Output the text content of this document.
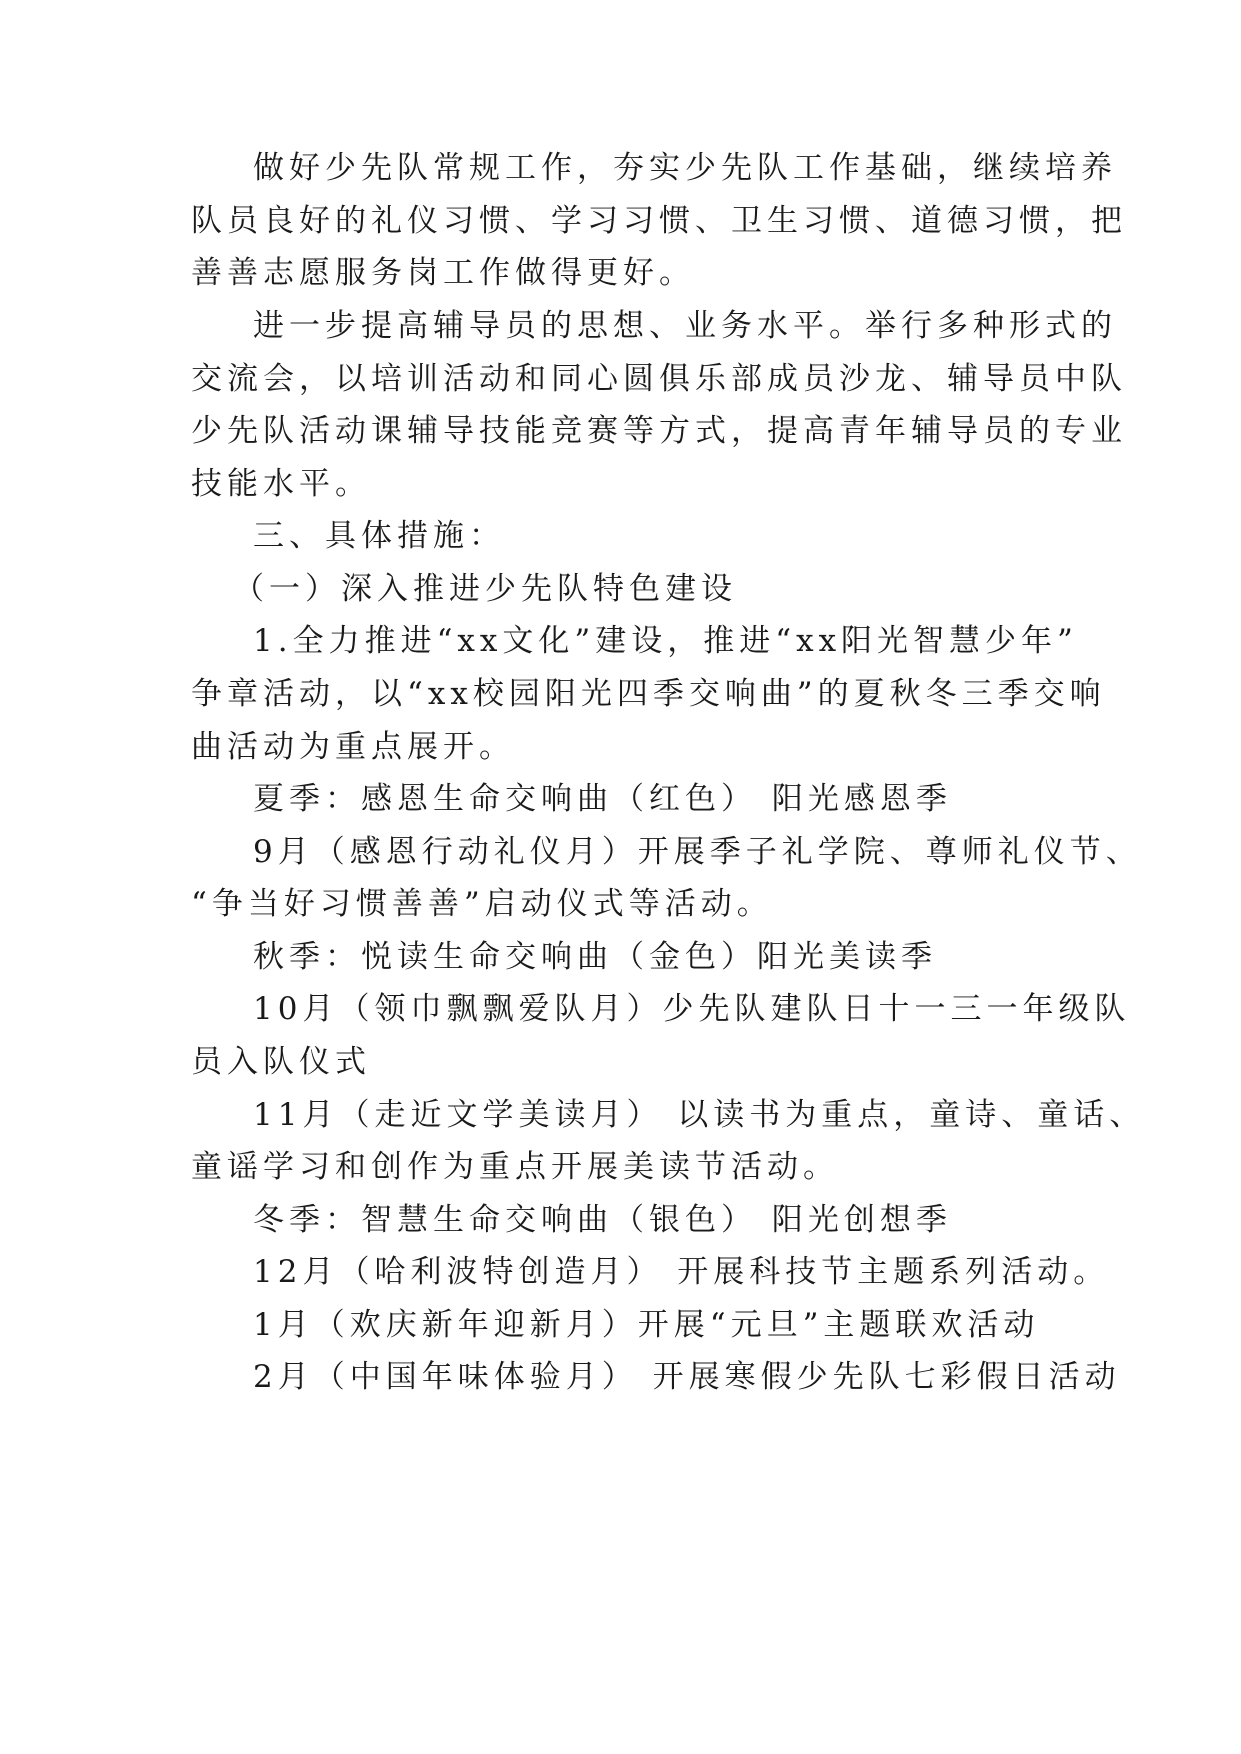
做好少先队常规工作，夯实少先队工作基础，继续培养
队员良好的礼仪习惯、学习习惯、卫生习惯、道德习惯，把
善善志愿服务岗工作做得更好。
进一步提高辅导员的思想、业务水平。举行多种形式的
交流会，以培训活动和同心圆俱乐部成员沙龙、辅导员中队
少先队活动课辅导技能竞赛等方式，提高青年辅导员的专业
技能水平。
三、具体措施：
（一）深入推进少先队特色建设
1.全力推进“xx文化”建设，推进“xx阳光智慧少年”
争章活动，以“xx校园阳光四季交响曲”的夏秋冬三季交响
曲活动为重点展开。
夏季：感恩生命交响曲（红色） 阳光感恩季
9月（感恩行动礼仪月）开展季子礼学院、尊师礼仪节、
“争当好习惯善善”启动仪式等活动。
秋季：悦读生命交响曲（金色）阳光美读季
10月（领巾飘飘爱队月）少先队建队日十一三一年级队
员入队仪式
11月（走近文学美读月） 以读书为重点，童诗、童话、
童谣学习和创作为重点开展美读节活动。
冬季：智慧生命交响曲（银色） 阳光创想季
12月（哈利波特创造月） 开展科技节主题系列活动。
1月（欢庆新年迎新月）开展“元旦”主题联欢活动
2月（中国年味体验月） 开展寒假少先队七彩假日活动
